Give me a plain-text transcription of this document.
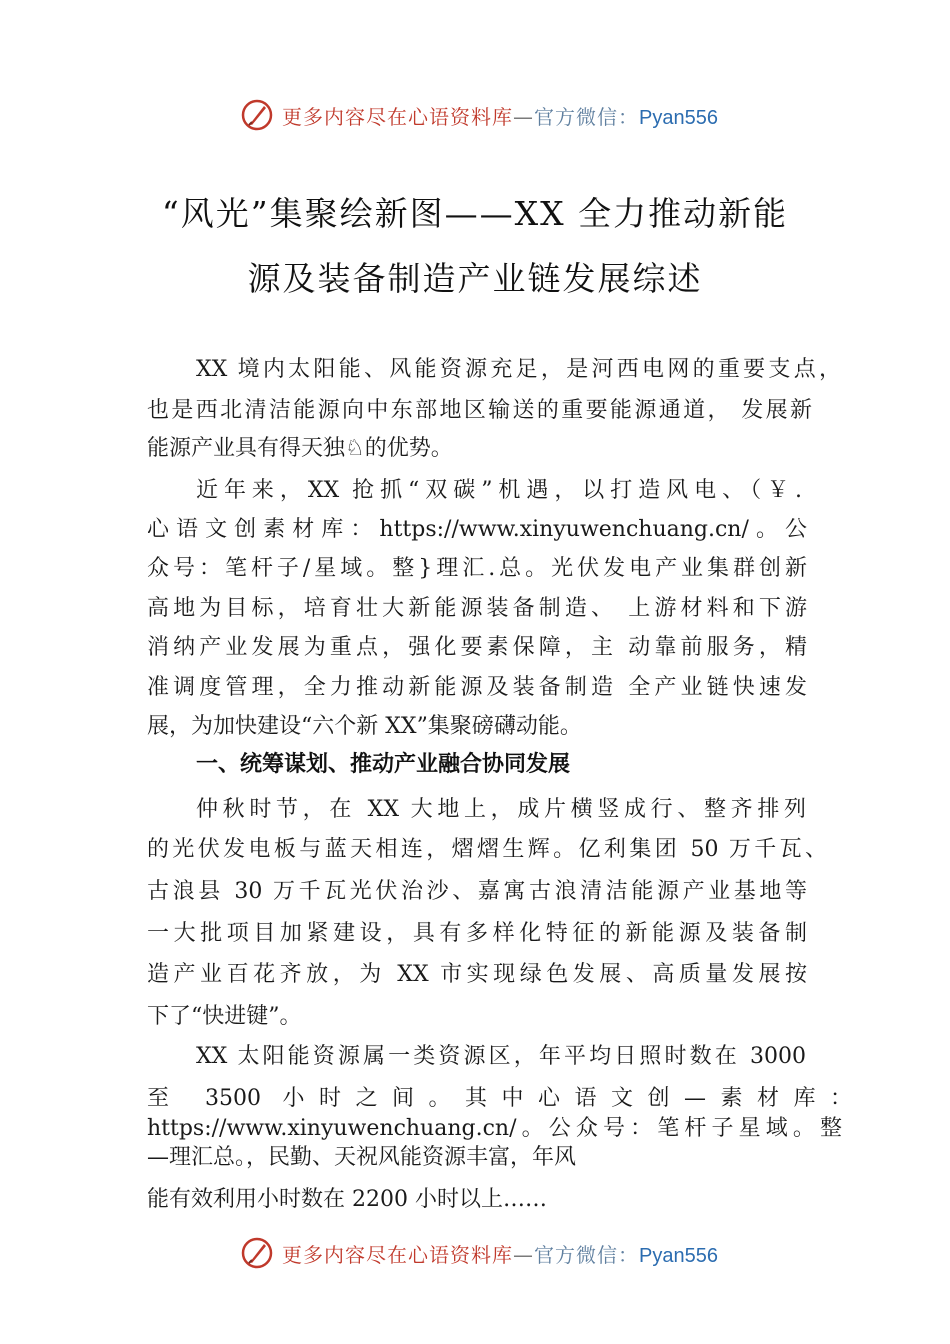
更多内容尽在心语资料库—官方微信：Pyan556
“风光”集聚绘新图——XX 全力推动新能
源及装备制造产业链发展综述
XX 境内太阳能、风能资源充足，是河西电网的重要支点，
也是西北清洁能源向中东部地区输送的重要能源通道， 发展新
能源产业具有得天独♘的优势。
近年来，XX 抢抓“双碳”机遇，以打造风电、（￥.
心语文创素材库：https://www.xinyuwenchuang.cn/。公
众号：笔杆子/星域。整}理汇.总。光伏发电产业集群创新
高地为目标，培育壮大新能源装备制造、 上游材料和下游
消纳产业发展为重点，强化要素保障，主 动靠前服务，精
准调度管理，全力推动新能源及装备制造 全产业链快速发
展，为加快建设“六个新 XX”集聚磅礴动能。
一、统筹谋划、推动产业融合协同发展
仲秋时节，在 XX 大地上，成片横竖成行、整齐排列
的光伏发电板与蓝天相连，熠熠生辉。亿利集团 50 万千瓦、
古浪县 30 万千瓦光伏治沙、嘉寓古浪清洁能源产业基地等
一大批项目加紧建设，具有多样化特征的新能源及装备制
造产业百花齐放，为 XX 市实现绿色发展、高质量发展按
下了“快进键”。
XX 太阳能资源属一类资源区，年平均日照时数在 3000
至 3500 小时之间。其中心语文创—素材库：
https://www.xinyuwenchuang.cn/。公众号：笔杆子星域。整
—理汇总。，民勤、天祝风能资源丰富，年风
能有效利用小时数在 2200 小时以上……
更多内容尽在心语资料库—官方微信：Pyan556
